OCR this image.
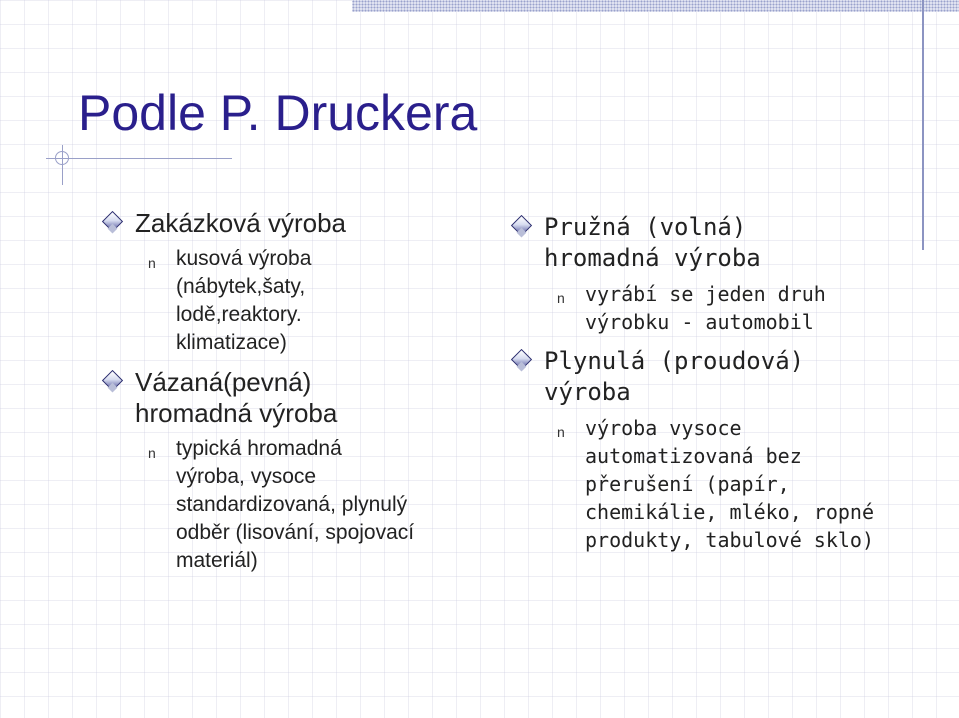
Podle P. Druckera
Zakázková výroba
n kusová výroba
(nábytek,šaty,
lodě,reaktory.
klimatizace)
Vázaná(pevná)
hromadná výroba
n typická hromadná
výroba, vysoce
standardizovaná, plynulý
odběr (lisování, spojovací
materiál)
Pružná (volná)
hromadná výroba
n vyrábí se jeden druh
výrobku - automobil
Plynulá (proudová)
výroba
n výroba vysoce
automatizovaná bez
přerušení (papír,
chemikálie, mléko, ropné
produkty, tabulové sklo)
